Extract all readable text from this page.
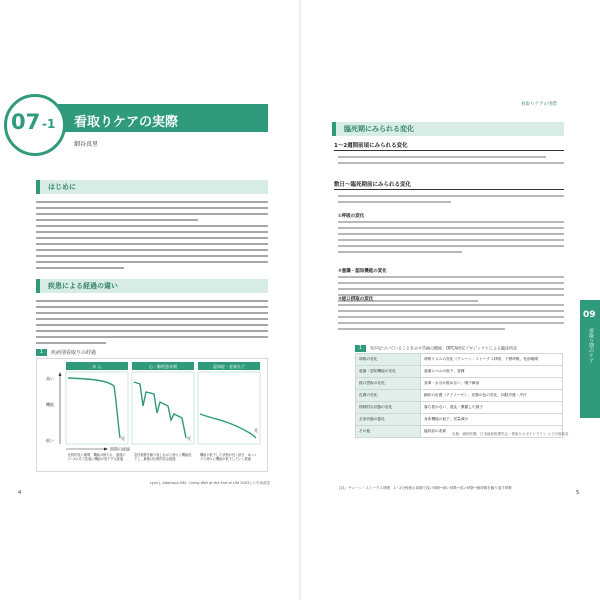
07 -1 看取りケアの実際
細谷真里
はじめに
疾患による経過の違い
1 疾病別看取りの経過
が ん	心・肺疾患末期	認知症・老衰など
高い
機能
低い	死	死
死
時間の経過
比較的長い期間、機能は保たれ、最後の1〜2か月で急速に機能が低下する経過
急性増悪を繰り返しながら徐々に機能低下し、最後は比較的急な経過
機能が低下した状態が長く続き、ゆっくりと徐々に機能が低下していく経過
Lynn J, Adamson DM：Living Well at the End of Life 2003より引用改変
4
看取りケアの実際
臨死期にみられる変化
1〜2週間前頃にみられる変化
数日〜臨死期前にみられる変化
①呼吸の変化
②意識・認知機能の変化
③経口摂取の変化
09
看取り期のケア
1 死が近づいていることを示す苦痛の徴候：OPCA研究プロジェクトによる臨床所見
呼吸の変化	呼吸リズムの変化（チェーン・ストークス呼吸、下顎呼吸、死前喘鳴
意識・認知機能の変化	意識レベルの低下、昏睡
経口摂取の変化	食事・水分が飲めない、嚥下障害
皮膚の変化	網状の皮膚（チアノーゼ）、皮膚の色の変化、四肢冷感・冷汗
情緒的な状態の変化	落ち着かない、混乱・興奮した様子
全身状態の悪化	身体機能の低下、尿量減少
その他	臨終前の兆候
出典：緩和医療、日本緩和医療学会・看取りのガイドライン より引用改変
注1）チェーン・ストークス呼吸：1〜2分程度の周期で浅い呼吸→深い呼吸→浅い呼吸→無呼吸を繰り返す呼吸
5
